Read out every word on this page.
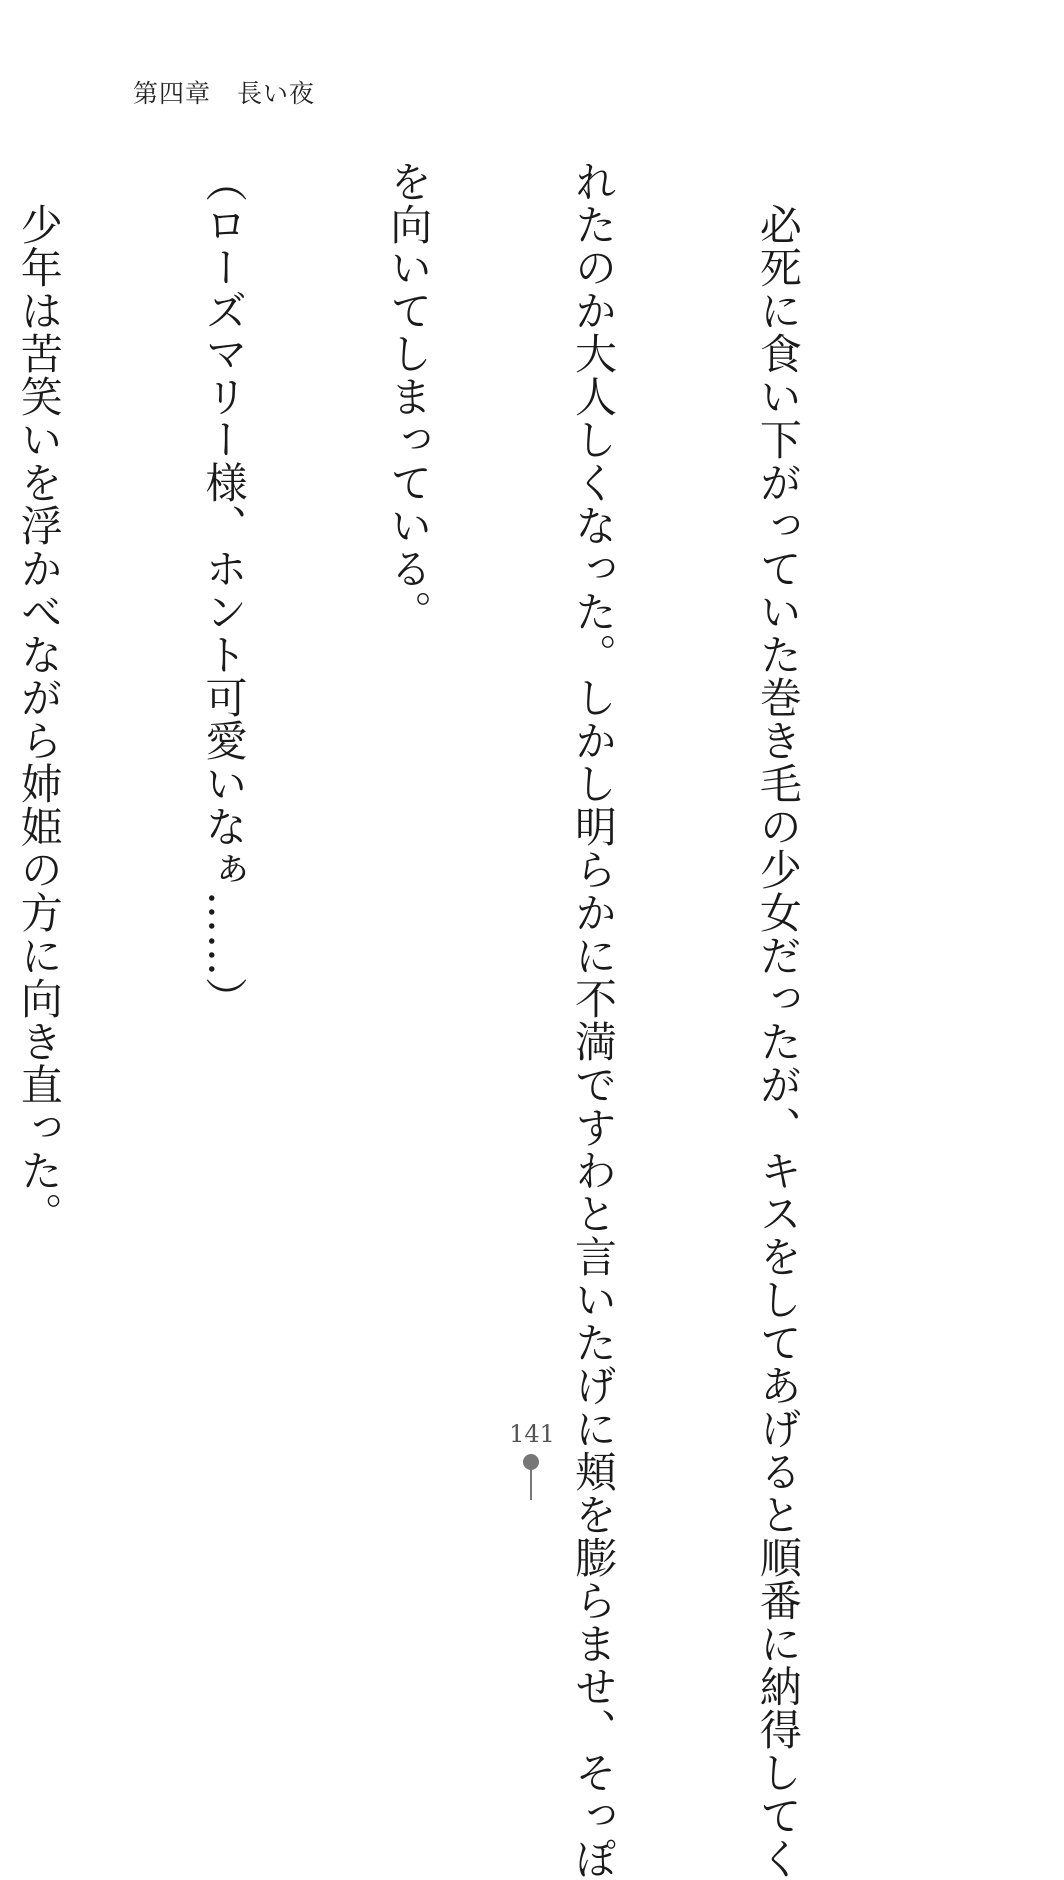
第四章　長い夜

　必死に食い下がっていた巻き毛の少女だったが、キスをしてあげると順番に納得してく

れたのか大人しくなった。しかし明らかに不満ですわと言いたげに頬を膨らませ、そっぽ

を向いてしまっている。

（ローズマリー様、ホント可愛いなぁ……）

　少年は苦笑いを浮かべながら姉姫の方に向き直った。

141
